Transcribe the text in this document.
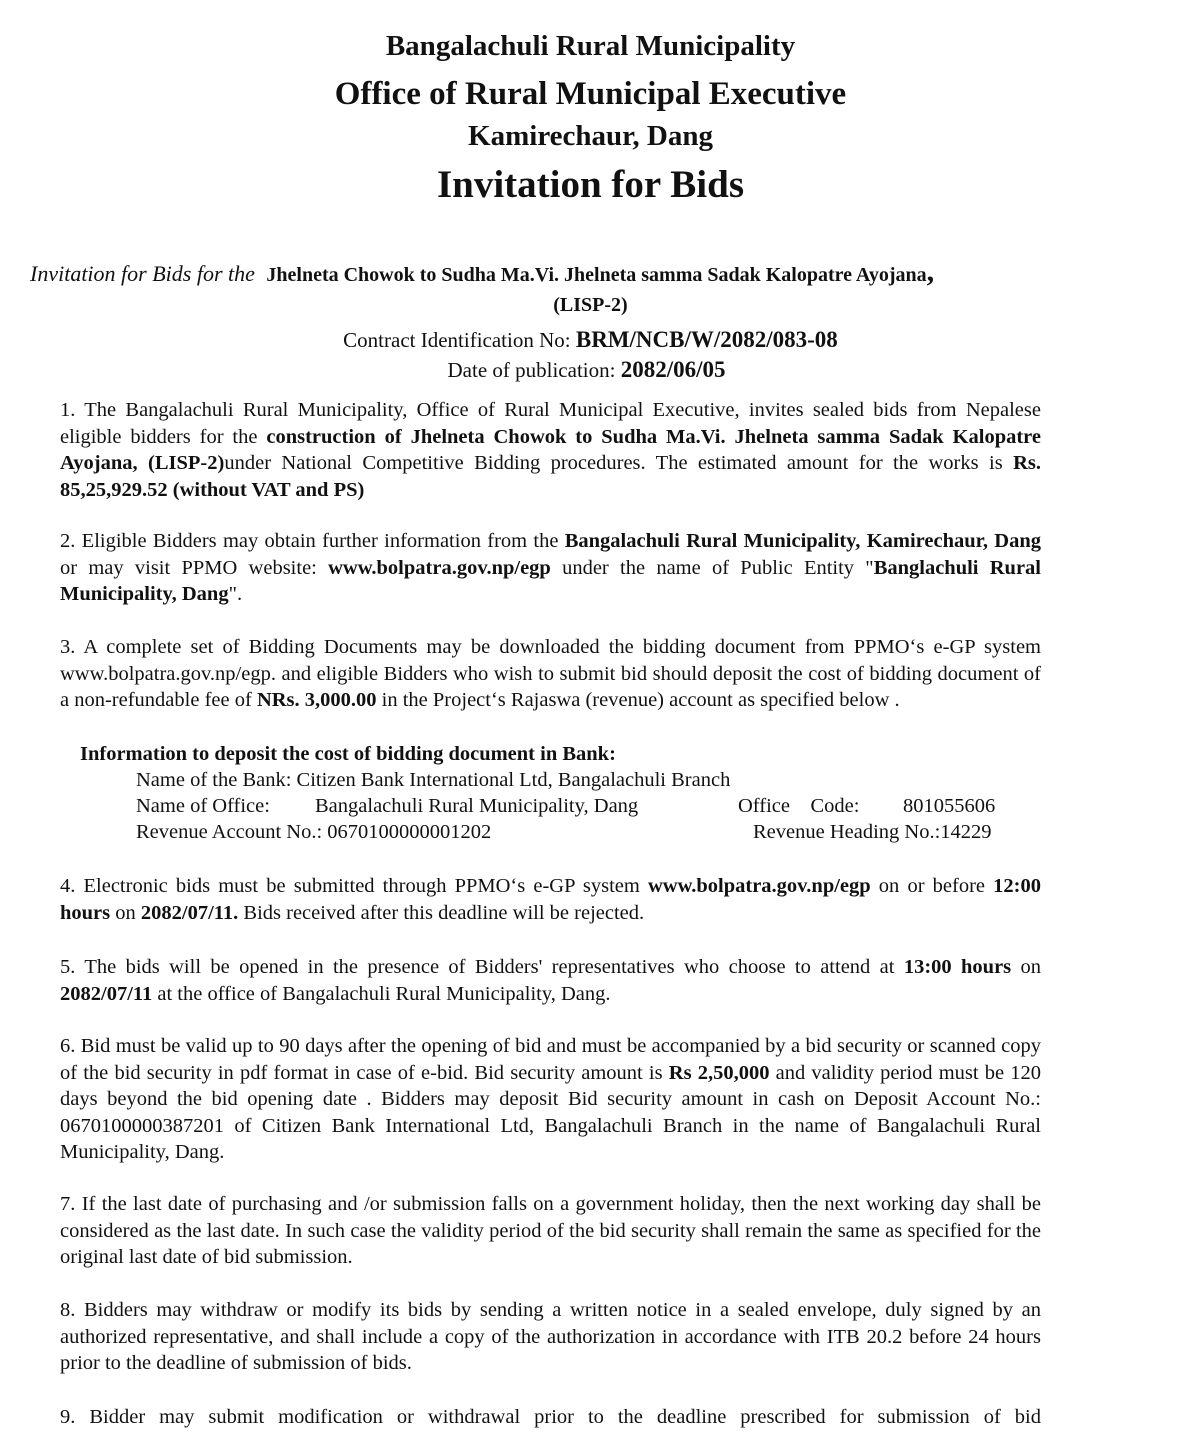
Bangalachuli Rural Municipality
Office of Rural Municipal Executive
Kamirechaur, Dang
Invitation for Bids
Invitation for Bids for the Jhelneta Chowok to Sudha Ma.Vi. Jhelneta samma Sadak Kalopatre Ayojana,
(LISP-2)
Contract Identification No: BRM/NCB/W/2082/083-08
Date of publication: 2082/06/05
1. The Bangalachuli Rural Municipality, Office of Rural Municipal Executive, invites sealed bids from Nepalese eligible bidders for the construction of Jhelneta Chowok to Sudha Ma.Vi. Jhelneta samma Sadak Kalopatre Ayojana, (LISP-2)under National Competitive Bidding procedures. The estimated amount for the works is Rs. 85,25,929.52 (without VAT and PS)
2. Eligible Bidders may obtain further information from the Bangalachuli Rural Municipality, Kamirechaur, Dang or may visit PPMO website: www.bolpatra.gov.np/egp under the name of Public Entity "Banglachuli Rural Municipality, Dang".
3. A complete set of Bidding Documents may be downloaded the bidding document from PPMO‘s e-GP system www.bolpatra.gov.np/egp. and eligible Bidders who wish to submit bid should deposit the cost of bidding document of a non-refundable fee of NRs. 3,000.00 in the Project‘s Rajaswa (revenue) account as specified below .
Information to deposit the cost of bidding document in Bank:
Name of the Bank: Citizen Bank International Ltd, Bangalachuli Branch
Name of Office: Bangalachuli Rural Municipality, Dang	Office    Code: 801055606
Revenue Account No.: 0670100000001202	Revenue Heading No.:14229
4. Electronic bids must be submitted through PPMO‘s e-GP system www.bolpatra.gov.np/egp on or before 12:00 hours on 2082/07/11. Bids received after this deadline will be rejected.
5. The bids will be opened in the presence of Bidders' representatives who choose to attend at 13:00 hours on 2082/07/11 at the office of Bangalachuli Rural Municipality, Dang.
6. Bid must be valid up to 90 days after the opening of bid and must be accompanied by a bid security or scanned copy of the bid security in pdf format in case of e-bid. Bid security amount is Rs 2,50,000 and validity period must be 120 days beyond the bid opening date . Bidders may deposit Bid security amount in cash on Deposit Account No.: 0670100000387201 of Citizen Bank International Ltd, Bangalachuli Branch in the name of Bangalachuli Rural Municipality, Dang.
7. If the last date of purchasing and /or submission falls on a government holiday, then the next working day shall be considered as the last date. In such case the validity period of the bid security shall remain the same as specified for the original last date of bid submission.
8. Bidders may withdraw or modify its bids by sending a written notice in a sealed envelope, duly signed by an authorized representative, and shall include a copy of the authorization in accordance with ITB 20.2 before 24 hours prior to the deadline of submission of bids.
9. Bidder may submit modification or withdrawal prior to the deadline prescribed for submission of bid
